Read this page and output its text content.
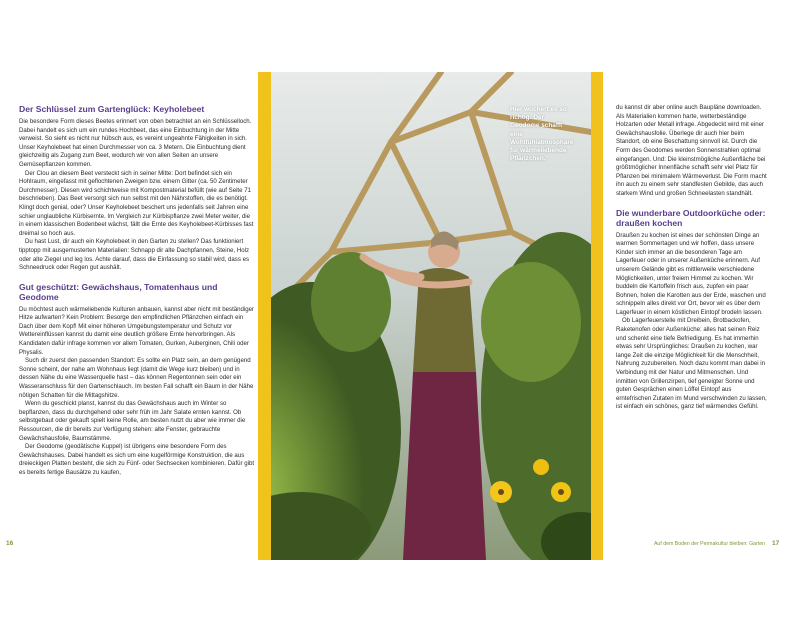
Der Schlüssel zum Gartenglück: Keyholebeet

Die besondere Form dieses Beetes erinnert von oben betrachtet an ein Schlüsselloch. Dabei handelt es sich um ein rundes Hochbeet, das eine Einbuchtung in der Mitte verweist. So sieht es nicht nur hübsch aus, es vereint ungeahnte Fähigkeiten in sich. Unser Keyholebeet hat einen Durchmesser von ca. 3 Metern. Die Einbuchtung dient gleichzeitig als Zugang zum Beet, wodurch wir von allen Seiten an unsere Gemüsepflanzen kommen.

Der Clou an diesem Beet versteckt sich in seiner Mitte: Dort befindet sich ein Hohlraum, eingefasst mit geflochtenen Zweigen bzw. einem Gitter (ca. 50 Zentimeter Durchmesser). Diesen wird schichtweise mit Kompostmaterial befüllt (wie auf Seite 71 beschrieben). Das Beet versorgt sich nun selbst mit den Nährstoffen, die es benötigt. Klingt doch genial, oder? Unser Keyholebeet beschert uns jedenfalls seit Jahren eine schier unglaubliche Kürbisernte. Im Vergleich zur Kürbispflanze zwei Meter weiter, die in einem klassischen Bodenbeet wächst, fällt die Ernte des Keyholebeet-Kürbisses fast dreimal so hoch aus.

Du hast Lust, dir auch ein Keyholebeet in den Garten zu stellen? Das funktioniert tipptopp mit ausgemusterten Materialien: Schnapp dir alte Dachpfannen, Steine, Holz oder alte Ziegel und leg los. Achte darauf, dass die Einfassung so stabil wird, dass es Schneedruck oder Regen gut aushält.

Gut geschützt: Gewächshaus, Tomatenhaus und Geodome

Du möchtest auch wärmeliebende Kulturen anbauen, kannst aber nicht mit beständiger Hitze aufwarten? Kein Problem: Besorge den empfindlichen Pflänzchen einfach ein Dach über dem Kopf! Mit einer höheren Umgebungstemperatur und Schutz vor Wettereinflüssen kannst du damit eine deutlich größere Ernte hervorbringen. Als Kandidaten dafür infrage kommen vor allem Tomaten, Gurken, Auberginen, Chili oder Physalis.

Such dir zuerst den passenden Standort: Es sollte ein Platz sein, an dem genügend Sonne scheint, der nahe am Wohnhaus liegt (damit die Wege kurz bleiben) und in dessen Nähe du eine Wasserquelle hast – das können Regentonnen sein oder ein Wasseranschluss für den Gartenschlauch. Im besten Fall schafft ein Baum in der Nähe nötigen Schatten für die Mittagshitze.

Wenn du geschickt planst, kannst du das Gewächshaus auch im Winter so bepflanzen, dass du durchgehend oder sehr früh im Jahr Salate ernten kannst. Ob selbstgebaut oder gekauft spielt keine Rolle, am besten nutzt du aber wie immer die Ressourcen, die dir bereits zur Verfügung stehen: alte Fenster, gebrauchte Gewächshausfolie, Baumstämme.

Der Geodome (geodätische Kuppel) ist übrigens eine besondere Form des Gewächshauses. Dabei handelt es sich um eine kugelförmige Konstruktion, die aus dreieckigen Platten besteht, die sich zu Fünf- oder Sechsecken kombinieren. Dafür gibt es bereits fertige Bausätze zu kaufen,

Hier wuchert es so richtig: Der Geodome schafft eine Wohlfühlatmosphäre für wärmeliebende Pflänzchen.

du kannst dir aber online auch Baupläne downloaden. Als Materialien kommen harte, wetterbeständige Holzarten oder Metall infrage. Abgedeckt wird mit einer Gewächshausfolie. Überlege dir auch hier beim Standort, ob eine Beschattung sinnvoll ist. Durch die Form des Geodomes werden Sonnenstrahlen optimal eingefangen. Und: Die kleinstmögliche Außenfläche bei größtmöglicher Innenfläche schafft sehr viel Platz für Pflanzen bei minimalem Wärmeverlust. Die Form macht ihn auch zu einem sehr standfesten Gebilde, das auch starkem Wind und großen Schneelasten standhält.

Die wunderbare Outdoorküche oder: draußen kochen

Draußen zu kochen ist eines der schönsten Dinge an warmen Sommertagen und wir hoffen, dass unsere Kinder sich immer an die besonderen Tage am Lagerfeuer oder in unserer Außenküche erinnern. Auf unserem Gelände gibt es mittlerweile verschiedene Möglichkeiten, unter freiem Himmel zu kochen. Wir buddeln die Kartoffeln frisch aus, zupfen ein paar Bohnen, holen die Karotten aus der Erde, waschen und schnippeln alles direkt vor Ort, bevor wir es über dem Lagerfeuer in einem köstlichen Eintopf brodeln lassen.

Ob Lagerfeuerstelle mit Dreibein, Brotbackofen, Raketenofen oder Außenküche: alles hat seinen Reiz und schenkt eine tiefe Befriedigung. Es hat immerhin etwas sehr Ursprüngliches: Draußen zu kochen, war lange Zeit die einzige Möglichkeit für die Menschheit, Nahrung zuzubereiten. Noch dazu kommt man dabei in Verbindung mit der Natur und Mitmenschen. Und inmitten von Grillenzirpen, tief geneigter Sonne und guten Gesprächen einen Löffel Eintopf aus erntefrischen Zutaten im Mund verschwinden zu lassen, ist einfach ein schönes, ganz tief wärmendes Gefühl.

16	Auf dem Boden der Permakultur bleiben: Garten 17
